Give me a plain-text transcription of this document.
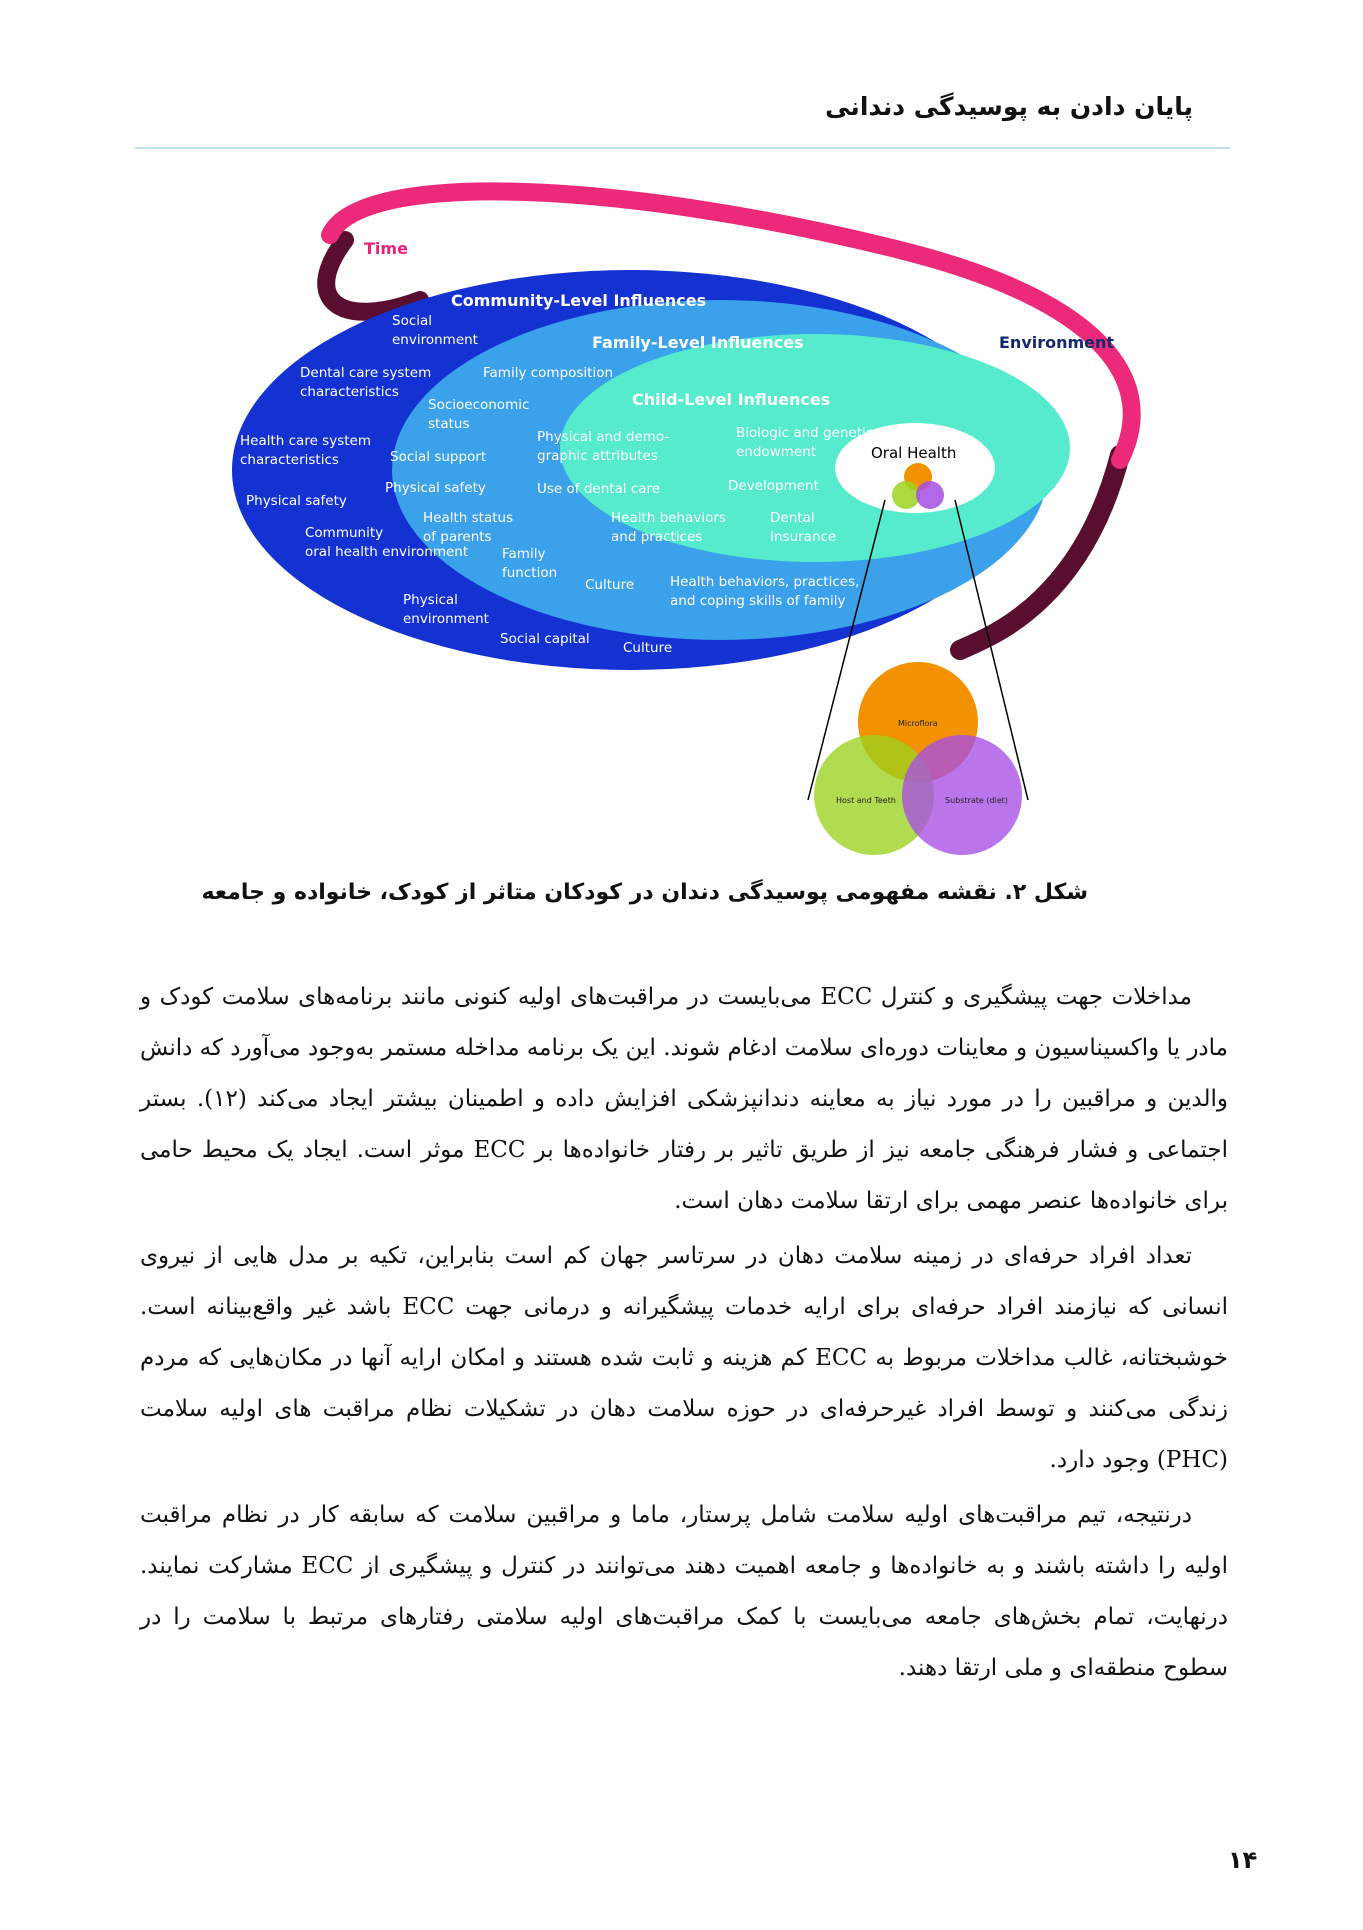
پایان دادن به پوسیدگی دندانی
Time
Environment
Community-Level Influences
Family-Level Influences
Child-Level Influences
Oral Health
Social environment
Dental care system characteristics
Health care system characteristics
Physical safety
Community oral health environment
Physical environment
Social capital
Culture
Family composition
Socioeconomic status
Social support
Physical safety
Health status of parents
Family function
Culture	Health behaviors, practices, and coping skills of family
Physical and demo-graphic attributes
Biologic and genetic endowment
Use of dental care	Development
Health behaviors and practices
Dental Insurance
Microflora
Host and Teeth	Substrate (diet)
شکل ۲. نقشه مفهومی پوسیدگی دندان در کودکان متاثر از کودک، خانواده و جامعه

مداخلات جهت پیشگیری و کنترل ECC می‌بایست در مراقبت‌های اولیه کنونی مانند برنامه‌های سلامت کودک و مادر یا واکسیناسیون و معاینات دوره‌ای سلامت ادغام شوند. این یک برنامه مداخله مستمر به‌وجود می‌آورد که دانش والدین و مراقبین را در مورد نیاز به معاینه دندانپزشکی افزایش داده و اطمینان بیشتر ایجاد می‌کند (۱۲). بستر اجتماعی و فشار فرهنگی جامعه نیز از طریق تاثیر بر رفتار خانواده‌ها بر ECC موثر است. ایجاد یک محیط حامی برای خانواده‌ها عنصر مهمی برای ارتقا سلامت دهان است.

تعداد افراد حرفه‌ای در زمینه سلامت دهان در سرتاسر جهان کم است بنابراین، تکیه بر مدل هایی از نیروی انسانی که نیازمند افراد حرفه‌ای برای ارایه خدمات پیشگیرانه و درمانی جهت ECC باشد غیر واقع‌بینانه است. خوشبختانه، غالب مداخلات مربوط به ECC کم هزینه و ثابت شده هستند و امکان ارایه آنها در مکان‌هایی که مردم زندگی می‌کنند و توسط افراد غیرحرفه‌ای در حوزه سلامت دهان در تشکیلات نظام مراقبت های اولیه سلامت (PHC) وجود دارد.

درنتیجه، تیم مراقبت‌های اولیه سلامت شامل پرستار، ماما و مراقبین سلامت که سابقه کار در نظام مراقبت اولیه را داشته باشند و به خانواده‌ها و جامعه اهمیت دهند می‌توانند در کنترل و پیشگیری از ECC مشارکت نمایند. درنهایت، تمام بخش‌های جامعه می‌بایست با کمک مراقبت‌های اولیه سلامتی رفتارهای مرتبط با سلامت را در سطوح منطقه‌ای و ملی ارتقا دهند.

۱۴
